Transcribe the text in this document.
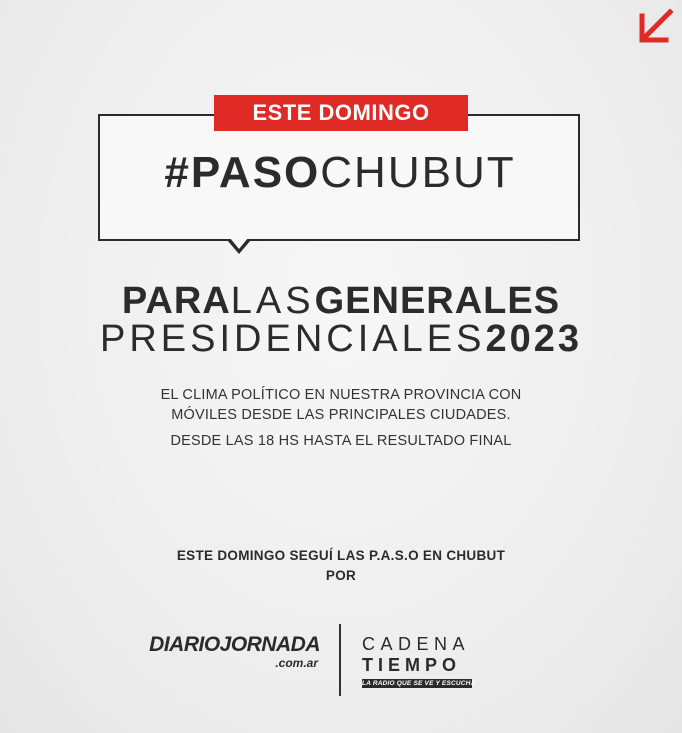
ESTE DOMINGO
#PASOCHUBUT
PARALASGENERALES
PRESIDENCIALES2023
EL CLIMA POLÍTICO EN NUESTRA PROVINCIA CON
MÓVILES DESDE LAS PRINCIPALES CIUDADES.
DESDE LAS 18 HS HASTA EL RESULTADO FINAL
ESTE DOMINGO SEGUÍ LAS P.A.S.O EN CHUBUT
POR
DIARIOJORNADA
.com.ar
CADENA
TIEMPO
LA RADIO QUE SE VE Y ESCUCHA
